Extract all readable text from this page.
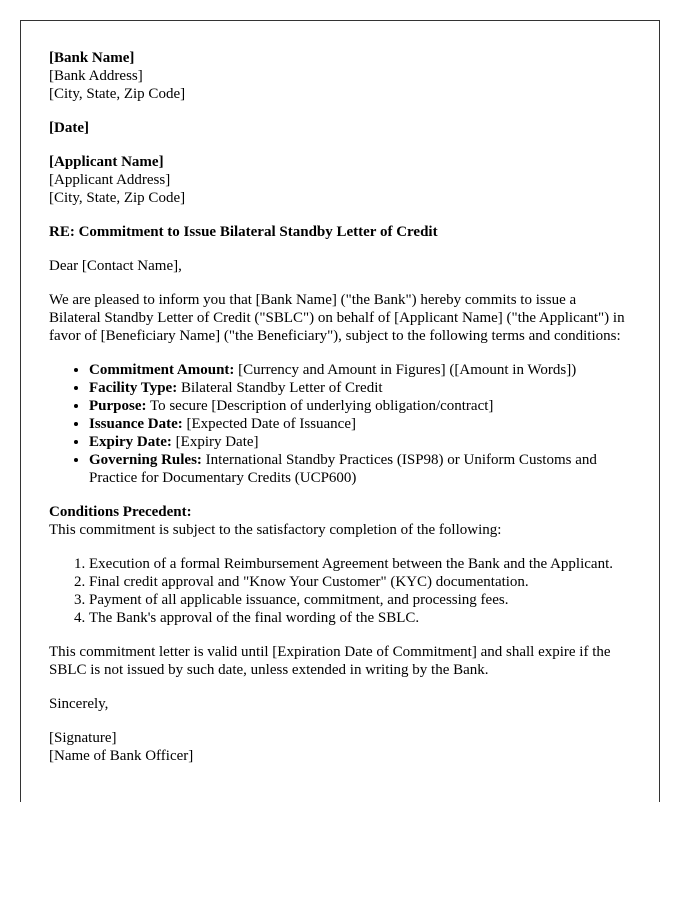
[Bank Name]
[Bank Address]
[City, State, Zip Code]

[Date]

[Applicant Name]
[Applicant Address]
[City, State, Zip Code]

RE: Commitment to Issue Bilateral Standby Letter of Credit

Dear [Contact Name],

We are pleased to inform you that [Bank Name] ("the Bank") hereby commits to issue a Bilateral Standby Letter of Credit ("SBLC") on behalf of [Applicant Name] ("the Applicant") in favor of [Beneficiary Name] ("the Beneficiary"), subject to the following terms and conditions:

• Commitment Amount: [Currency and Amount in Figures] ([Amount in Words])
• Facility Type: Bilateral Standby Letter of Credit
• Purpose: To secure [Description of underlying obligation/contract]
• Issuance Date: [Expected Date of Issuance]
• Expiry Date: [Expiry Date]
• Governing Rules: International Standby Practices (ISP98) or Uniform Customs and Practice for Documentary Credits (UCP600)

Conditions Precedent:
This commitment is subject to the satisfactory completion of the following:

1. Execution of a formal Reimbursement Agreement between the Bank and the Applicant.
2. Final credit approval and "Know Your Customer" (KYC) documentation.
3. Payment of all applicable issuance, commitment, and processing fees.
4. The Bank's approval of the final wording of the SBLC.

This commitment letter is valid until [Expiration Date of Commitment] and shall expire if the SBLC is not issued by such date, unless extended in writing by the Bank.

Sincerely,

[Signature]
[Name of Bank Officer]
